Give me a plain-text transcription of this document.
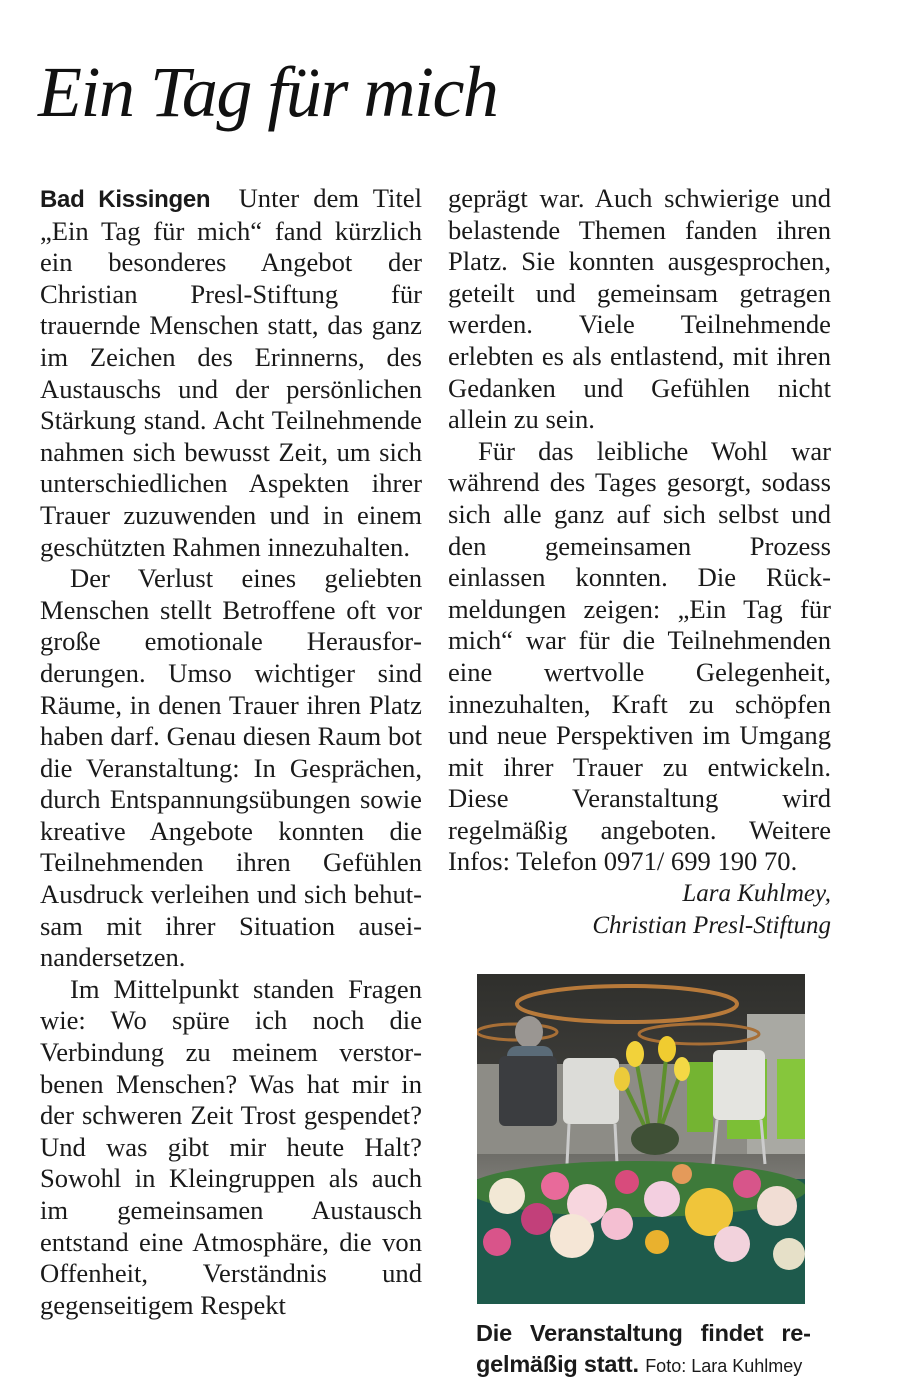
Ein Tag für mich

Bad Kissingen Unter dem Titel „Ein Tag für mich“ fand kürzlich ein besonderes Angebot der Christian Presl-Stiftung für trauernde Menschen statt, das ganz im Zeichen des Erinnerns, des Austauschs und der persönlichen Stärkung stand. Acht Teilnehmende nahmen sich bewusst Zeit, um sich unterschiedlichen Aspekten ihrer Trauer zuzuwenden und in einem geschützten Rahmen innezuhalten.

Der Verlust eines geliebten Menschen stellt Betroffene oft vor große emotionale Herausforderungen. Umso wichtiger sind Räume, in denen Trauer ihren Platz haben darf. Genau diesen Raum bot die Veranstaltung: In Gesprächen, durch Entspannungsübungen sowie kreative Angebote konnten die Teilnehmenden ihren Gefühlen Ausdruck verleihen und sich behutsam mit ihrer Situation auseinandersetzen.

Im Mittelpunkt standen Fragen wie: Wo spüre ich noch die Verbindung zu meinem verstorbenen Menschen? Was hat mir in der schweren Zeit Trost gespendet? Und was gibt mir heute Halt? Sowohl in Kleingruppen als auch im gemeinsamen Austausch entstand eine Atmosphäre, die von Offenheit, Verständnis und gegenseitigem Respekt

geprägt war. Auch schwierige und belastende Themen fanden ihren Platz. Sie konnten ausgesprochen, geteilt und gemeinsam getragen werden. Viele Teilnehmende erlebten es als entlastend, mit ihren Gedanken und Gefühlen nicht allein zu sein.

Für das leibliche Wohl war während des Tages gesorgt, sodass sich alle ganz auf sich selbst und den gemeinsamen Prozess einlassen konnten. Die Rückmeldungen zeigen: „Ein Tag für mich“ war für die Teilnehmenden eine wertvolle Gelegenheit, innezuhalten, Kraft zu schöpfen und neue Perspektiven im Umgang mit ihrer Trauer zu entwickeln. Diese Veranstaltung wird regelmäßig angeboten. Weitere Infos: Telefon 0971/ 699 190 70.

Lara Kuhlmey,
Christian Presl-Stiftung
Die Veranstaltung findet regelmäßig statt. Foto: Lara Kuhlmey
